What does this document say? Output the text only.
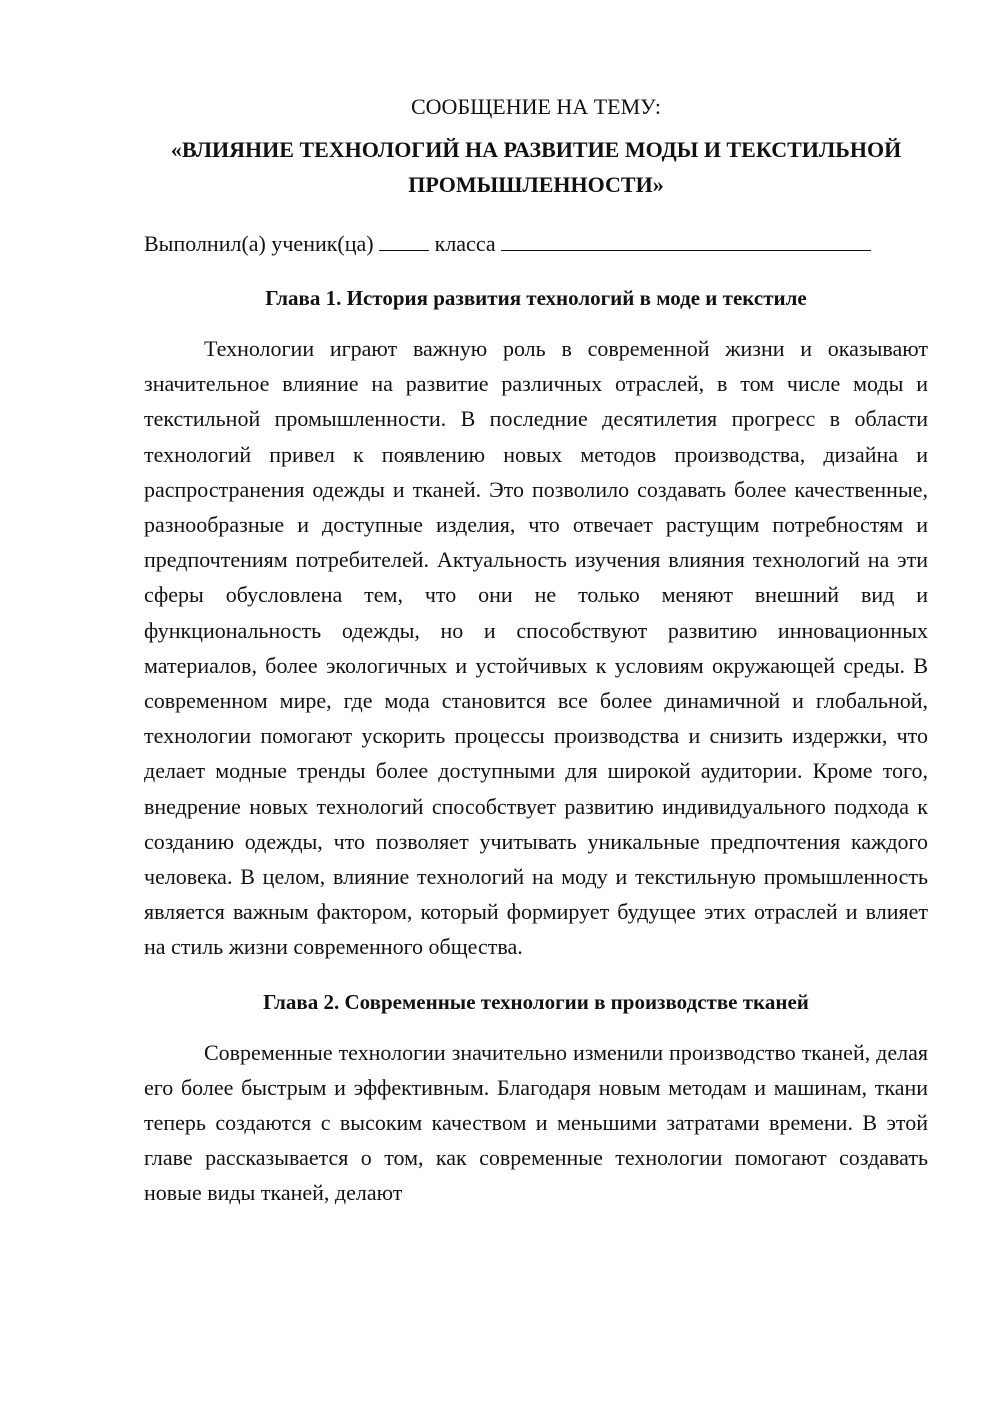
СООБЩЕНИЕ НА ТЕМУ:

«ВЛИЯНИЕ ТЕХНОЛОГИЙ НА РАЗВИТИЕ МОДЫ И ТЕКСТИЛЬНОЙ ПРОМЫШЛЕННОСТИ»

Выполнил(а) ученик(ца)	класса

Глава 1. История развития технологий в моде и текстиле

Технологии играют важную роль в современной жизни и оказывают значительное влияние на развитие различных отраслей, в том числе моды и текстильной промышленности. В последние десятилетия прогресс в области технологий привел к появлению новых методов производства, дизайна и распространения одежды и тканей. Это позволило создавать более качественные, разнообразные и доступные изделия, что отвечает растущим потребностям и предпочтениям потребителей. Актуальность изучения влияния технологий на эти сферы обусловлена тем, что они не только меняют внешний вид и функциональность одежды, но и способствуют развитию инновационных материалов, более экологичных и устойчивых к условиям окружающей среды. В современном мире, где мода становится все более динамичной и глобальной, технологии помогают ускорить процессы производства и снизить издержки, что делает модные тренды более доступными для широкой аудитории. Кроме того, внедрение новых технологий способствует развитию индивидуального подхода к созданию одежды, что позволяет учитывать уникальные предпочтения каждого человека. В целом, влияние технологий на моду и текстильную промышленность является важным фактором, который формирует будущее этих отраслей и влияет на стиль жизни современного общества.

Глава 2. Современные технологии в производстве тканей

Современные технологии значительно изменили производство тканей, делая его более быстрым и эффективным. Благодаря новым методам и машинам, ткани теперь создаются с высоким качеством и меньшими затратами времени. В этой главе рассказывается о том, как современные технологии помогают создавать новые виды тканей, делают
